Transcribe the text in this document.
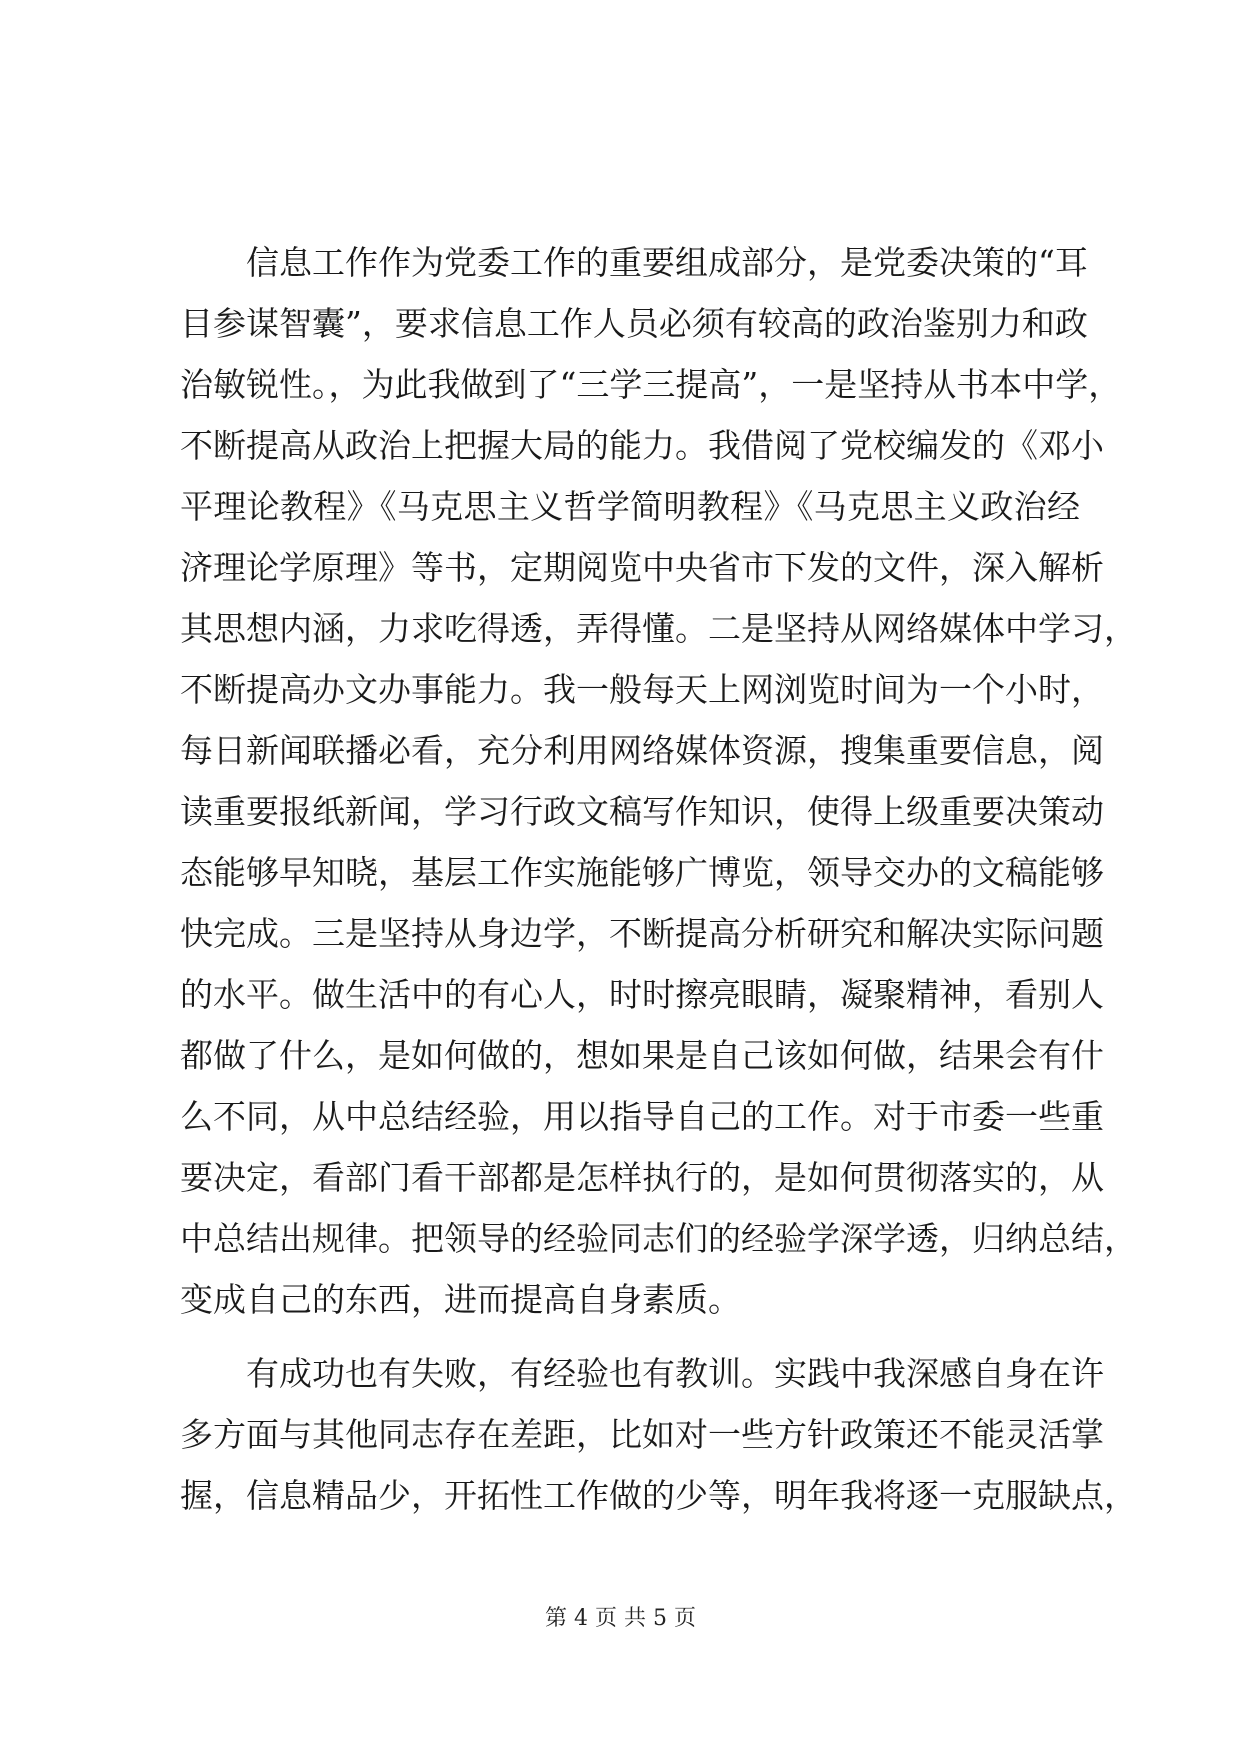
信息工作作为党委工作的重要组成部分，是党委决策的“耳
目参谋智囊”，要求信息工作人员必须有较高的政治鉴别力和政
治敏锐性。，为此我做到了“三学三提高”，一是坚持从书本中学，
不断提高从政治上把握大局的能力。我借阅了党校编发的《邓小
平理论教程》《马克思主义哲学简明教程》《马克思主义政治经
济理论学原理》等书，定期阅览中央省市下发的文件，深入解析
其思想内涵，力求吃得透，弄得懂。二是坚持从网络媒体中学习，
不断提高办文办事能力。我一般每天上网浏览时间为一个小时，
每日新闻联播必看，充分利用网络媒体资源，搜集重要信息，阅
读重要报纸新闻，学习行政文稿写作知识，使得上级重要决策动
态能够早知晓，基层工作实施能够广博览，领导交办的文稿能够
快完成。三是坚持从身边学，不断提高分析研究和解决实际问题
的水平。做生活中的有心人，时时擦亮眼睛，凝聚精神，看别人
都做了什么，是如何做的，想如果是自己该如何做，结果会有什
么不同，从中总结经验，用以指导自己的工作。对于市委一些重
要决定，看部门看干部都是怎样执行的，是如何贯彻落实的，从
中总结出规律。把领导的经验同志们的经验学深学透，归纳总结，
变成自己的东西，进而提高自身素质。
有成功也有失败，有经验也有教训。实践中我深感自身在许
多方面与其他同志存在差距，比如对一些方针政策还不能灵活掌
握，信息精品少，开拓性工作做的少等，明年我将逐一克服缺点，
第 4 页 共 5 页
